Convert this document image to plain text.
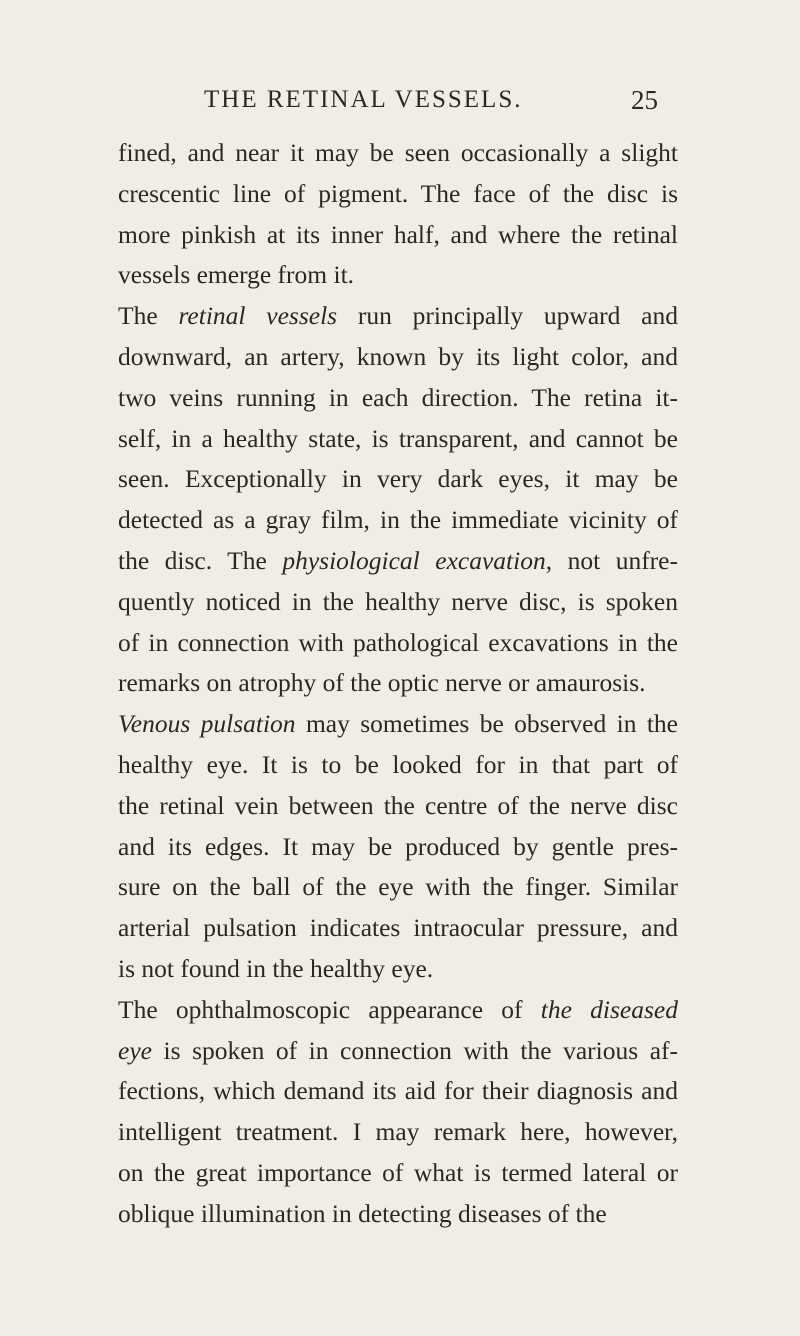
THE RETINAL VESSELS.	25
fined, and near it may be seen occasionally a slight
crescentic line of pigment. The face of the disc is
more pinkish at its inner half, and where the retinal
vessels emerge from it.
The retinal vessels run principally upward and
downward, an artery, known by its light color, and
two veins running in each direction. The retina it-
self, in a healthy state, is transparent, and cannot be
seen. Exceptionally in very dark eyes, it may be
detected as a gray film, in the immediate vicinity of
the disc. The physiological excavation, not unfre-
quently noticed in the healthy nerve disc, is spoken
of in connection with pathological excavations in the
remarks on atrophy of the optic nerve or amaurosis.
Venous pulsation may sometimes be observed in the
healthy eye. It is to be looked for in that part of
the retinal vein between the centre of the nerve disc
and its edges. It may be produced by gentle pres-
sure on the ball of the eye with the finger. Similar
arterial pulsation indicates intraocular pressure, and
is not found in the healthy eye.
The ophthalmoscopic appearance of the diseased
eye is spoken of in connection with the various af-
fections, which demand its aid for their diagnosis and
intelligent treatment. I may remark here, however,
on the great importance of what is termed lateral or
oblique illumination in detecting diseases of the
